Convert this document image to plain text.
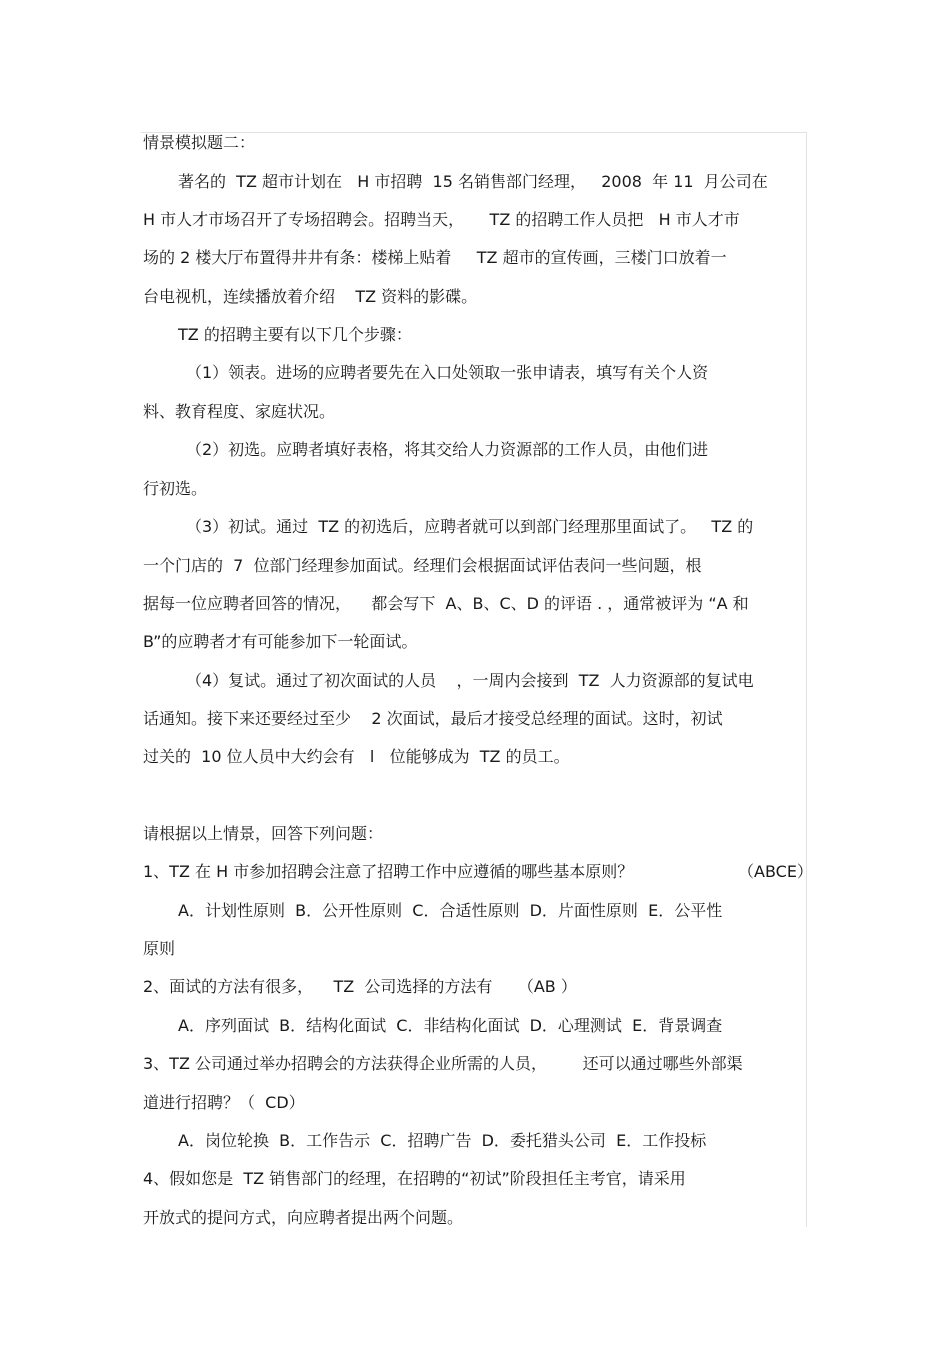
情景模拟题二：
著名的  TZ 超市计划在   H 市招聘  15 名销售部门经理，   2008  年 11  月公司在
H 市人才市场召开了专场招聘会。招聘当天，     TZ 的招聘工作人员把   H 市人才市
场的 2 楼大厅布置得井井有条：楼梯上贴着     TZ 超市的宣传画，三楼门口放着一
台电视机，连续播放着介绍    TZ 资料的影碟。
TZ 的招聘主要有以下几个步骤：
（1）领表。进场的应聘者要先在入口处领取一张申请表，填写有关个人资
料、教育程度、家庭状况。
（2）初选。应聘者填好表格，将其交给人力资源部的工作人员，由他们进
行初选。
（3）初试。通过  TZ 的初选后，应聘者就可以到部门经理那里面试了。   TZ 的
一个门店的  7  位部门经理参加面试。经理们会根据面试评估表问一些问题，根
据每一位应聘者回答的情况，    都会写下  A、B、C、D 的评语 . ，通常被评为 “A 和
B”的应聘者才有可能参加下一轮面试。
（4）复试。通过了初次面试的人员    ，一周内会接到  TZ  人力资源部的复试电
话通知。接下来还要经过至少    2 次面试，最后才接受总经理的面试。这时，初试
过关的  10 位人员中大约会有   l   位能够成为  TZ 的员工。
请根据以上情景，回答下列问题：
1、TZ 在 H 市参加招聘会注意了招聘工作中应遵循的哪些基本原则？	（ABCE）
A．计划性原则  B．公开性原则  C．合适性原则  D．片面性原则  E．公平性
原则
2、面试的方法有很多，    TZ  公司选择的方法有     （AB ）
A．序列面试  B．结构化面试  C．非结构化面试  D．心理测试  E．背景调查
3、TZ 公司通过举办招聘会的方法获得企业所需的人员，       还可以通过哪些外部渠
道进行招聘？（  CD）
A．岗位轮换  B．工作告示  C．招聘广告  D．委托猎头公司  E．工作投标
4、假如您是  TZ 销售部门的经理，在招聘的“初试”阶段担任主考官，请采用
开放式的提问方式，向应聘者提出两个问题。
